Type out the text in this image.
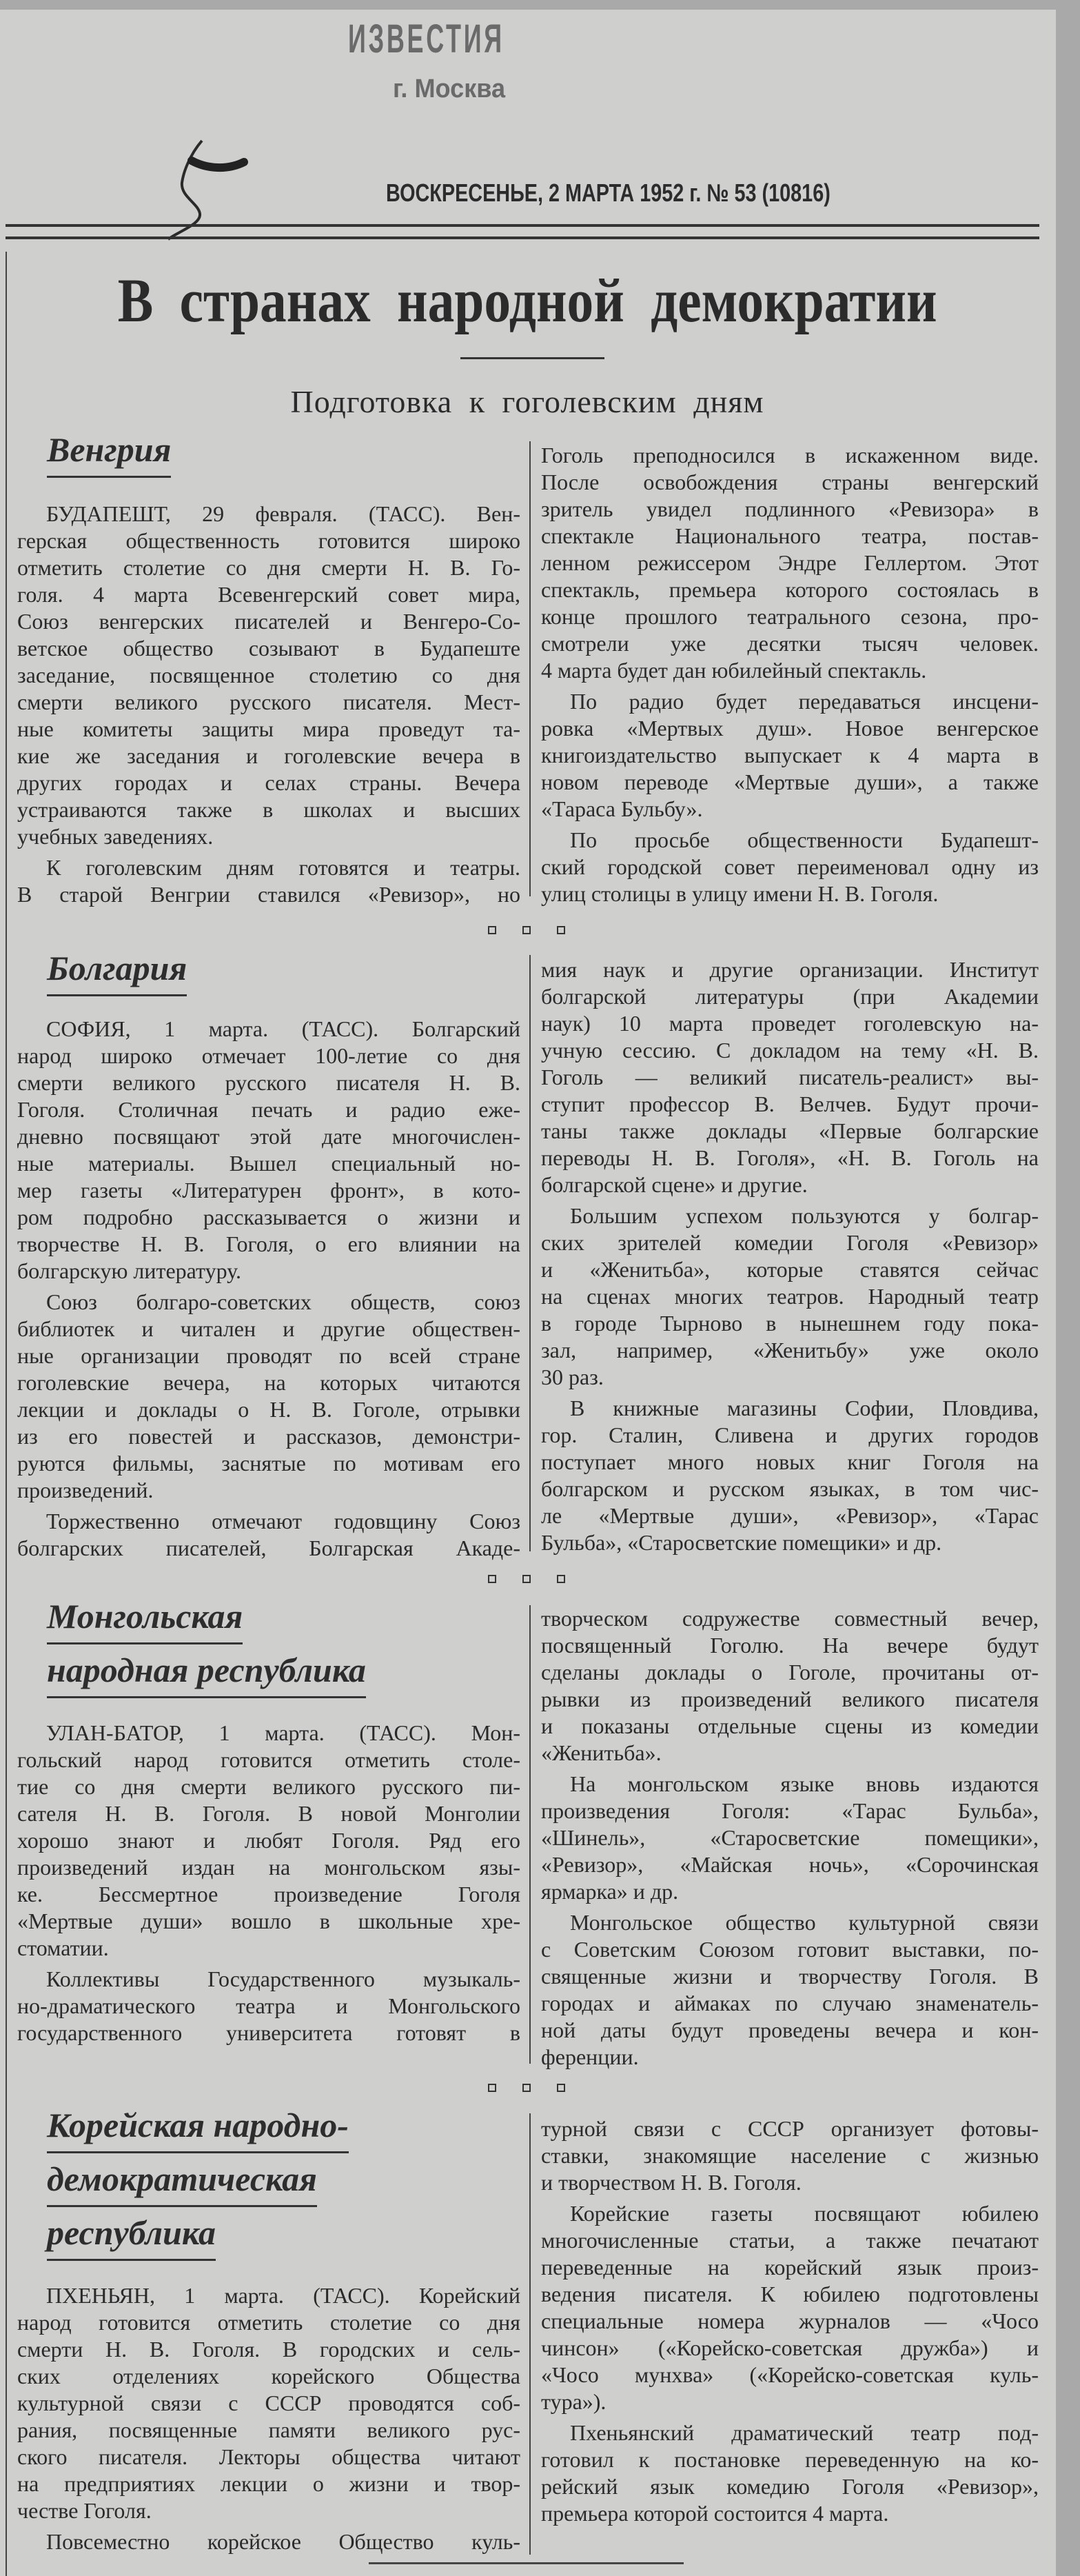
ИЗВЕСТИЯ
г. Москва
ВОСКРЕСЕНЬЕ, 2 МАРТА 1952 г. № 53 (10816)
В странах народной демократии
Подготовка к гоголевским дням
Венгрия
Болгария
Монгольская
народная республика
Корейская народно-
демократическая
республика
БУДАПЕШТ, 29 февраля. (ТАСС). Вен-
герская общественность готовится широко
отметить столетие со дня смерти Н. В. Го-
голя. 4 марта Всевенгерский совет мира,
Союз венгерских писателей и Венгеро-Со-
ветское общество созывают в Будапеште
заседание, посвященное столетию со дня
смерти великого русского писателя. Мест-
ные комитеты защиты мира проведут та-
кие же заседания и гоголевские вечера в
других городах и селах страны. Вечера
устраиваются также в школах и высших
учебных заведениях.
К гоголевским дням готовятся и театры.
В старой Венгрии ставился «Ревизор», но
Гоголь преподносился в искаженном виде.
После освобождения страны венгерский
зритель увидел подлинного «Ревизора» в
спектакле Национального театра, постав-
ленном режиссером Эндре Геллертом. Этот
спектакль, премьера которого состоялась в
конце прошлого театрального сезона, про-
смотрели уже десятки тысяч человек.
4 марта будет дан юбилейный спектакль.
По радио будет передаваться инсцени-
ровка «Мертвых душ». Новое венгерское
книгоиздательство выпускает к 4 марта в
новом переводе «Мертвые души», а также
«Тараса Бульбу».
По просьбе общественности Будапешт-
ский городской совет переименовал одну из
улиц столицы в улицу имени Н. В. Гоголя.
СОФИЯ, 1 марта. (ТАСС). Болгарский
народ широко отмечает 100-летие со дня
смерти великого русского писателя Н. В.
Гоголя. Столичная печать и радио еже-
дневно посвящают этой дате многочислен-
ные материалы. Вышел специальный но-
мер газеты «Литературен фронт», в кото-
ром подробно рассказывается о жизни и
творчестве Н. В. Гоголя, о его влиянии на
болгарскую литературу.
Союз болгаро-советских обществ, союз
библиотек и читален и другие обществен-
ные организации проводят по всей стране
гоголевские вечера, на которых читаются
лекции и доклады о Н. В. Гоголе, отрывки
из его повестей и рассказов, демонстри-
руются фильмы, заснятые по мотивам его
произведений.
Торжественно отмечают годовщину Союз
болгарских писателей, Болгарская Акаде-
мия наук и другие организации. Институт
болгарской литературы (при Академии
наук) 10 марта проведет гоголевскую на-
учную сессию. С докладом на тему «Н. В.
Гоголь — великий писатель-реалист» вы-
ступит профессор В. Велчев. Будут прочи-
таны также доклады «Первые болгарские
переводы Н. В. Гоголя», «Н. В. Гоголь на
болгарской сцене» и другие.
Большим успехом пользуются у болгар-
ских зрителей комедии Гоголя «Ревизор»
и «Женитьба», которые ставятся сейчас
на сценах многих театров. Народный театр
в городе Тырново в нынешнем году пока-
зал, например, «Женитьбу» уже около
30 раз.
В книжные магазины Софии, Пловдива,
гор. Сталин, Сливена и других городов
поступает много новых книг Гоголя на
болгарском и русском языках, в том чис-
ле «Мертвые души», «Ревизор», «Тарас
Бульба», «Старосветские помещики» и др.
УЛАН-БАТОР, 1 марта. (ТАСС). Мон-
гольский народ готовится отметить столе-
тие со дня смерти великого русского пи-
сателя Н. В. Гоголя. В новой Монголии
хорошо знают и любят Гоголя. Ряд его
произведений издан на монгольском язы-
ке. Бессмертное произведение Гоголя
«Мертвые души» вошло в школьные хре-
стоматии.
Коллективы Государственного музыкаль-
но-драматического театра и Монгольского
государственного университета готовят в
творческом содружестве совместный вечер,
посвященный Гоголю. На вечере будут
сделаны доклады о Гоголе, прочитаны от-
рывки из произведений великого писателя
и показаны отдельные сцены из комедии
«Женитьба».
На монгольском языке вновь издаются
произведения Гоголя: «Тарас Бульба»,
«Шинель», «Старосветские помещики»,
«Ревизор», «Майская ночь», «Сорочинская
ярмарка» и др.
Монгольское общество культурной связи
с Советским Союзом готовит выставки, по-
священные жизни и творчеству Гоголя. В
городах и аймаках по случаю знаменатель-
ной даты будут проведены вечера и кон-
ференции.
ПХЕНЬЯН, 1 марта. (ТАСС). Корейский
народ готовится отметить столетие со дня
смерти Н. В. Гоголя. В городских и сель-
ских отделениях корейского Общества
культурной связи с СССР проводятся соб-
рания, посвященные памяти великого рус-
ского писателя. Лекторы общества читают
на предприятиях лекции о жизни и твор-
честве Гоголя.
Повсеместно корейское Общество куль-
турной связи с СССР организует фотовы-
ставки, знакомящие население с жизнью
и творчеством Н. В. Гоголя.
Корейские газеты посвящают юбилею
многочисленные статьи, а также печатают
переведенные на корейский язык произ-
ведения писателя. К юбилею подготовлены
специальные номера журналов — «Чосо
чинсон» («Корейско-советская дружба») и
«Чосо мунхва» («Корейско-советская куль-
тура»).
Пхеньянский драматический театр под-
готовил к постановке переведенную на ко-
рейский язык комедию Гоголя «Ревизор»,
премьера которой состоится 4 марта.
